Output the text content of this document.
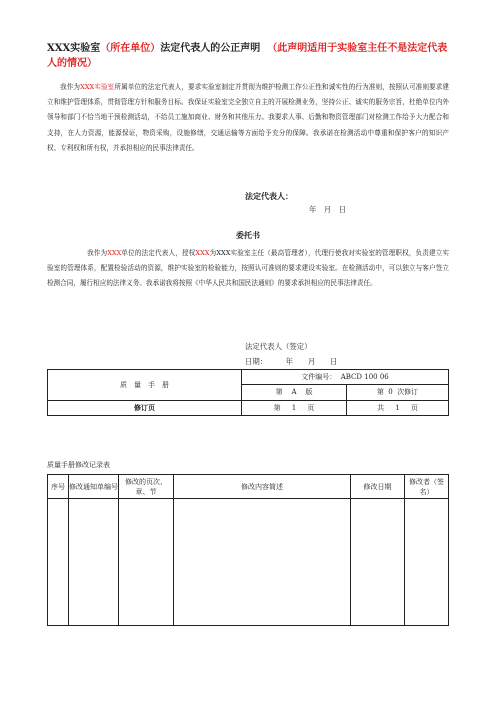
XXX实验室（所在单位）法定代表人的公正声明 （此声明适用于实验室主任不是法定代表人的情况）
我作为XXX实验室所属单位的法定代表人，要求实验室制定并贯彻为维护检测工作公正性和诚实性的行为准则，按照认可准则要求建立和维护管理体系，贯彻管理方针和服务目标。我保证实验室完全独立自主的开展检测业务，坚持公正、诚实的服务宗旨，杜绝单位内外领导和部门不恰当地干预检测活动，不给员工施加商业、财务和其他压力。我要求人事、后勤和物资管理部门对检测工作给予大力配合和支持，在人力资源，能源保证，物资采购，设施修缮，交通运输等方面给予充分的保障。我承诺在检测活动中尊重和保护客户的知识产权、专利权和所有权，并承担相应的民事法律责任。
法定代表人：
年　月　日
委托书
我作为XXX单位的法定代表人，授权XXX为XXX实验室主任（最高管理者），代理行使我对实验室的管理职权，负责建立实验室的管理体系，配置检验活动的资源，维护实验室的检验能力，按照认可准则的要求建设实验室。在检测活动中，可以独立与客户签立检测合同，履行相应的法律义务。我承诺我将按照《中华人民共和国民法通则》的要求承担相应的民事法律责任。
法定代表人（签定）
日期：　　　年　　月　　日
质　量　手　册	文件编号： ABCD 100 06	
	第 A 版	第 0 次修订
修订页	第 1 页	共 1 页
质量手册修改记录表
序号	修改通知单编号	修改的页次、章、节	修改内容简述	修改日期	修改者（签名）
